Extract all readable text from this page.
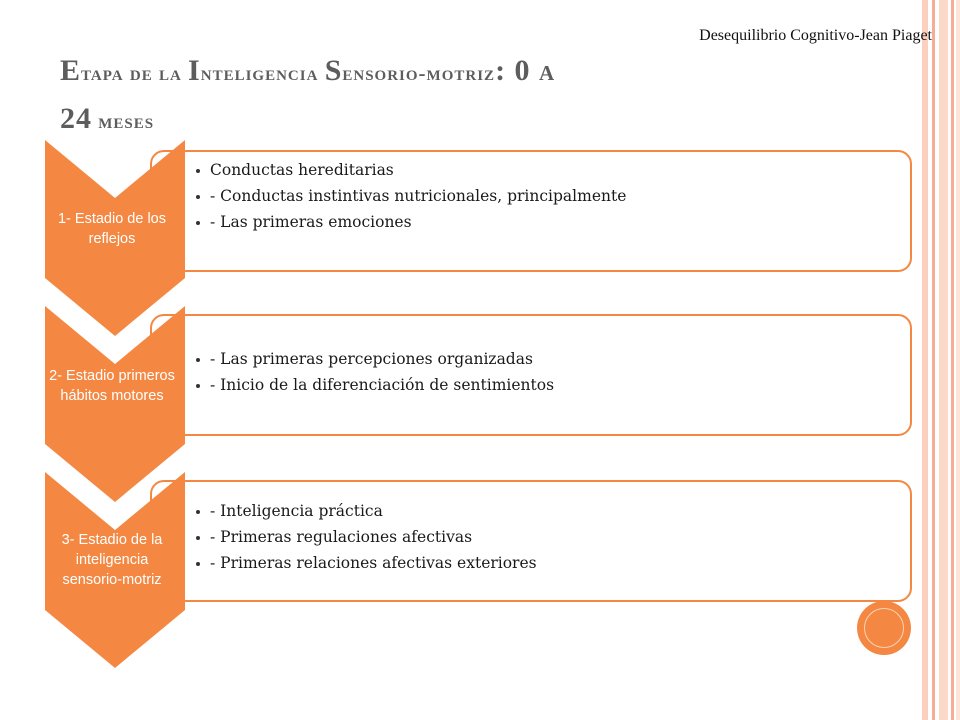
Desequilibrio Cognitivo-Jean Piaget
Etapa de la Inteligencia Sensorio-motriz: 0 a
24 meses
Conductas hereditarias
- Conductas instintivas nutricionales, principalmente
- Las primeras emociones
1- Estadio de los reflejos
- Las primeras percepciones organizadas
- Inicio de la diferenciación de sentimientos
2- Estadio primeros hábitos motores
- Inteligencia práctica
- Primeras regulaciones afectivas
- Primeras relaciones afectivas exteriores
3- Estadio de la inteligencia sensorio-motriz
